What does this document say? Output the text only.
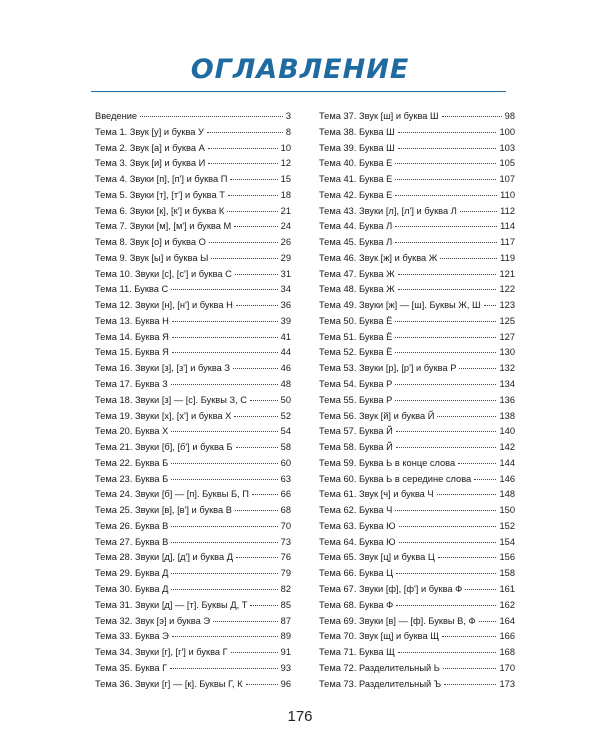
ОГЛАВЛЕНИЕ
Введение	3
Тема 1. Звук [у] и буква У	8
Тема 2. Звук [а] и буква А	10
Тема 3. Звук [и] и буква И	12
Тема 4. Звуки [п], [п'] и буква П	15
Тема 5. Звуки [т], [т'] и буква Т	18
Тема 6. Звуки [к], [к'] и буква К	21
Тема 7. Звуки [м], [м'] и буква М	24
Тема 8. Звук [о] и буква О	26
Тема 9. Звук [ы] и буква Ы	29
Тема 10. Звуки [с], [с'] и буква С	31
Тема 11. Буква С	34
Тема 12. Звуки [н], [н'] и буква Н	36
Тема 13. Буква Н	39
Тема 14. Буква Я	41
Тема 15. Буква Я	44
Тема 16. Звуки [з], [з'] и буква З	46
Тема 17. Буква З	48
Тема 18. Звуки [з] — [с]. Буквы З, С	50
Тема 19. Звуки [х], [х'] и буква Х	52
Тема 20. Буква Х	54
Тема 21. Звуки [б], [б'] и буква Б	58
Тема 22. Буква Б	60
Тема 23. Буква Б	63
Тема 24. Звуки [б] — [п]. Буквы Б, П	66
Тема 25. Звуки [в], [в'] и буква В	68
Тема 26. Буква В	70
Тема 27. Буква В	73
Тема 28. Звуки [д], [д'] и буква Д	76
Тема 29. Буква Д	79
Тема 30. Буква Д	82
Тема 31. Звуки [д] — [т]. Буквы Д, Т	85
Тема 32. Звук [э] и буква Э	87
Тема 33. Буква Э	89
Тема 34. Звуки [г], [г'] и буква Г	91
Тема 35. Буква Г	93
Тема 36. Звуки [г] — [к]. Буквы Г, К	96
Тема 37. Звук [ш] и буква Ш	98
Тема 38. Буква Ш	100
Тема 39. Буква Ш	103
Тема 40. Буква Е	105
Тема 41. Буква Е	107
Тема 42. Буква Е	110
Тема 43. Звуки [л], [л'] и буква Л	112
Тема 44. Буква Л	114
Тема 45. Буква Л	117
Тема 46. Звук [ж] и буква Ж	119
Тема 47. Буква Ж	121
Тема 48. Буква Ж	122
Тема 49. Звуки [ж] — [ш]. Буквы Ж, Ш 123
Тема 50. Буква Ё	125
Тема 51. Буква Ё	127
Тема 52. Буква Ё	130
Тема 53. Звуки [р], [р'] и буква Р	132
Тема 54. Буква Р	134
Тема 55. Буква Р	136
Тема 56. Звук [й] и буква Й	138
Тема 57. Буква Й	140
Тема 58. Буква Й	142
Тема 59. Буква Ь в конце слова	144
Тема 60. Буква Ь в середине слова	146
Тема 61. Звук [ч] и буква Ч	148
Тема 62. Буква Ч	150
Тема 63. Буква Ю	152
Тема 64. Буква Ю	154
Тема 65. Звук [ц] и буква Ц	156
Тема 66. Буква Ц	158
Тема 67. Звуки [ф], [ф'] и буква Ф	161
Тема 68. Буква Ф	162
Тема 69. Звуки [в] — [ф]. Буквы В, Ф	164
Тема 70. Звук [щ] и буква Щ	166
Тема 71. Буква Щ	168
Тема 72. Разделительный Ь	170
Тема 73. Разделительный Ъ	173
176
